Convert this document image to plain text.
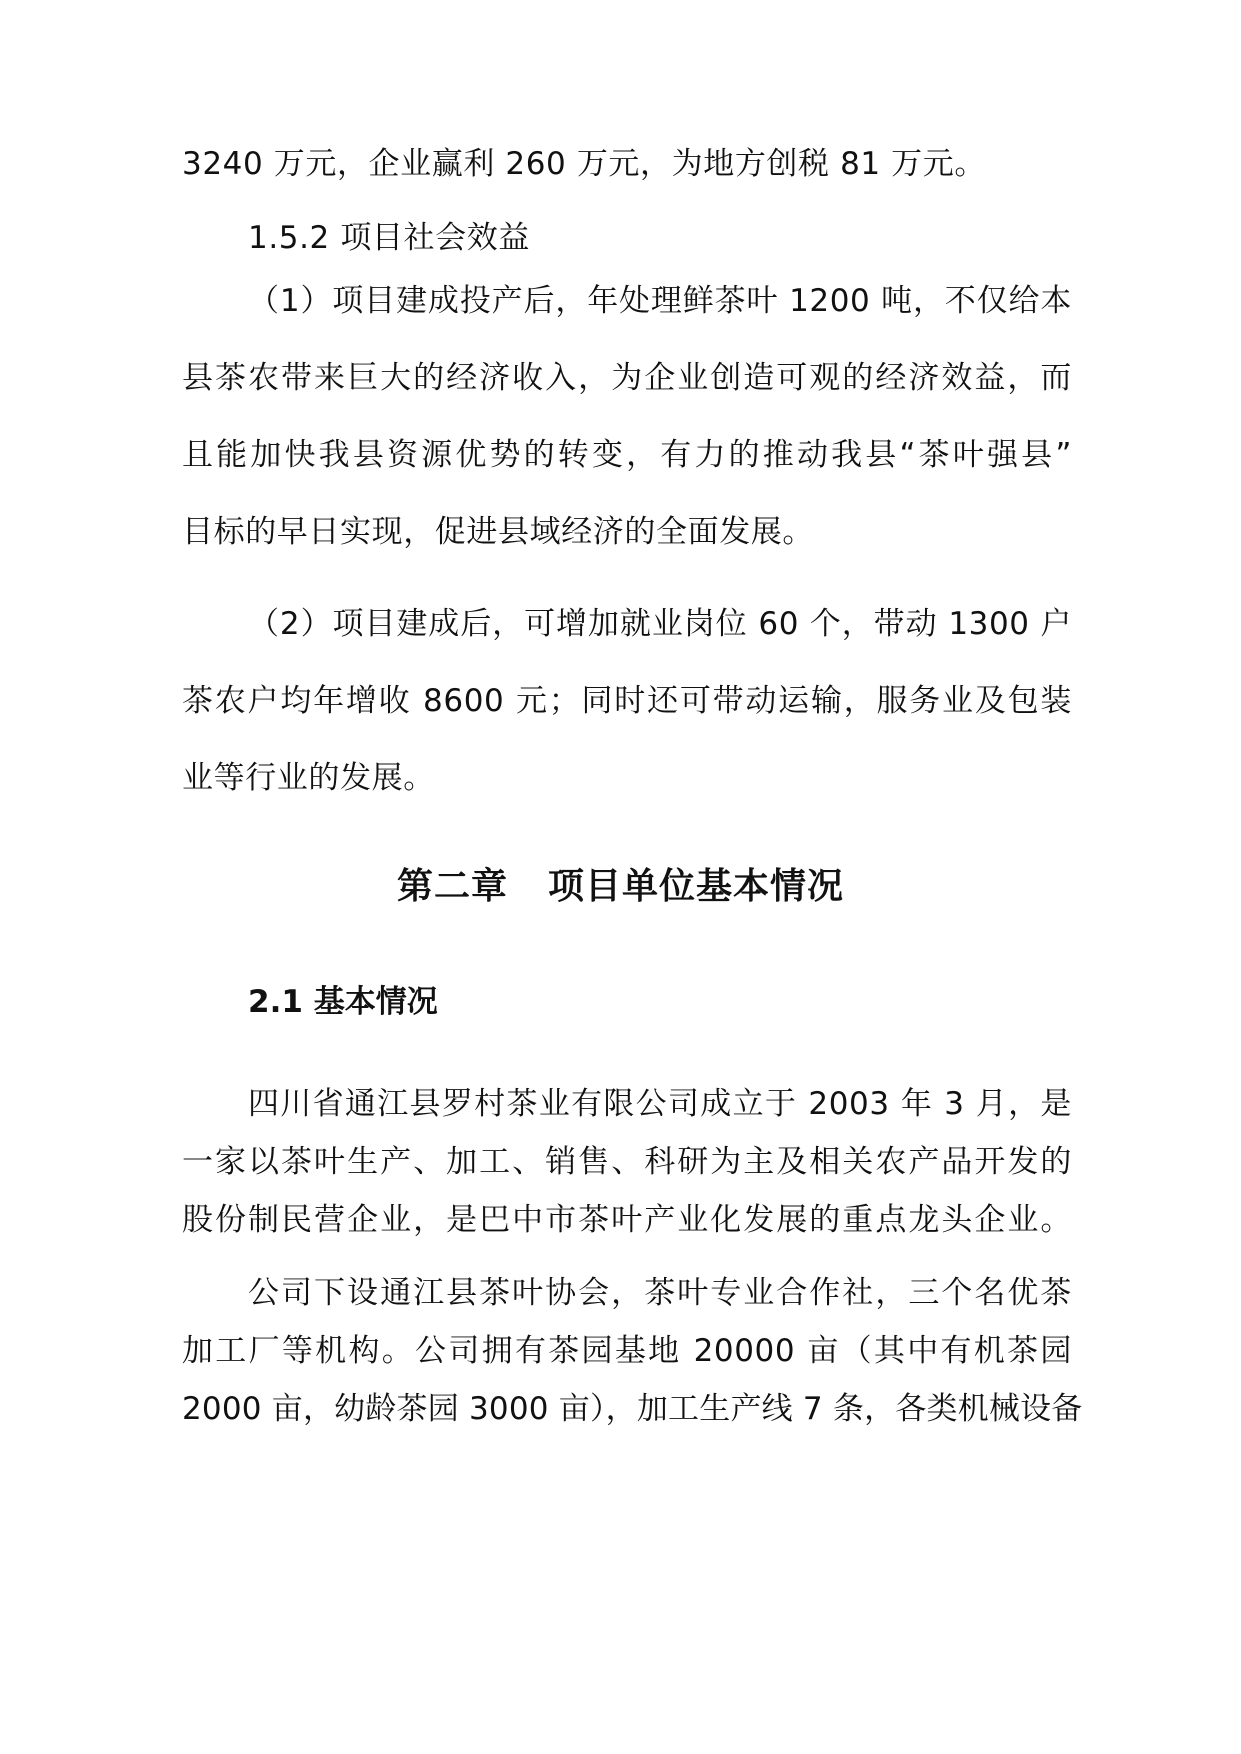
3240 万元，企业赢利 260 万元，为地方创税 81 万元。
1.5.2 项目社会效益
（1）项目建成投产后，年处理鲜茶叶 1200 吨，不仅给本
县茶农带来巨大的经济收入，为企业创造可观的经济效益，而
且能加快我县资源优势的转变，有力的推动我县“茶叶强县”
目标的早日实现，促进县域经济的全面发展。
（2）项目建成后，可增加就业岗位 60 个，带动 1300 户
茶农户均年增收 8600 元；同时还可带动运输，服务业及包装
业等行业的发展。
第二章 项目单位基本情况
2.1 基本情况
四川省通江县罗村茶业有限公司成立于 2003 年 3 月，是
一家以茶叶生产、加工、销售、科研为主及相关农产品开发的
股份制民营企业，是巴中市茶叶产业化发展的重点龙头企业。
公司下设通江县茶叶协会，茶叶专业合作社，三个名优茶
加工厂等机构。公司拥有茶园基地 20000 亩（其中有机茶园
2000 亩，幼龄茶园 3000 亩），加工生产线 7 条，各类机械设备
